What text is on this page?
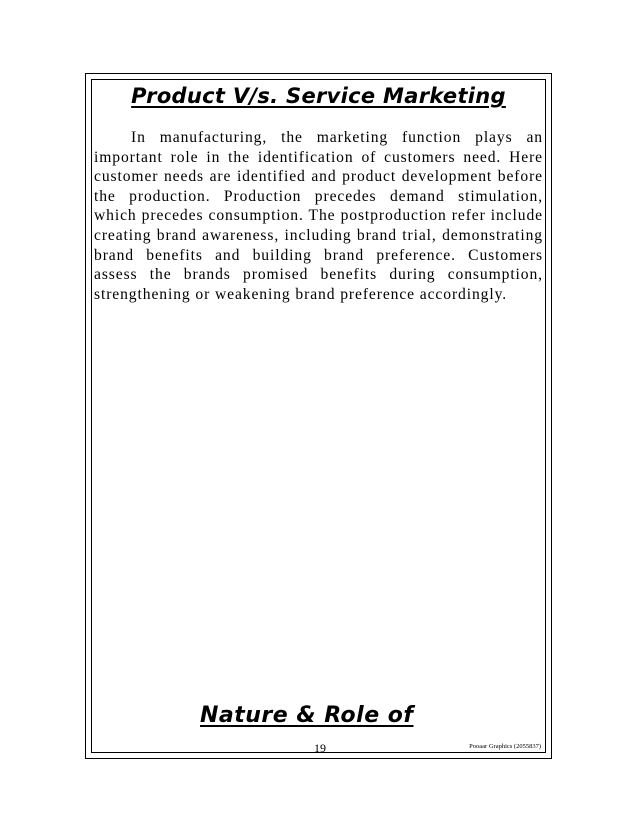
Product V/s. Service Marketing

In manufacturing, the marketing function plays an important role in the identification of customers need. Here customer needs are identified and product development before the production. Production precedes demand stimulation, which precedes consumption. The postproduction refer include creating brand awareness, including brand trial, demonstrating brand benefits and building brand preference. Customers assess the brands promised benefits during consumption, strengthening or weakening brand preference accordingly.

Nature & Role of
19	Pooaar Graphics (2055837)
